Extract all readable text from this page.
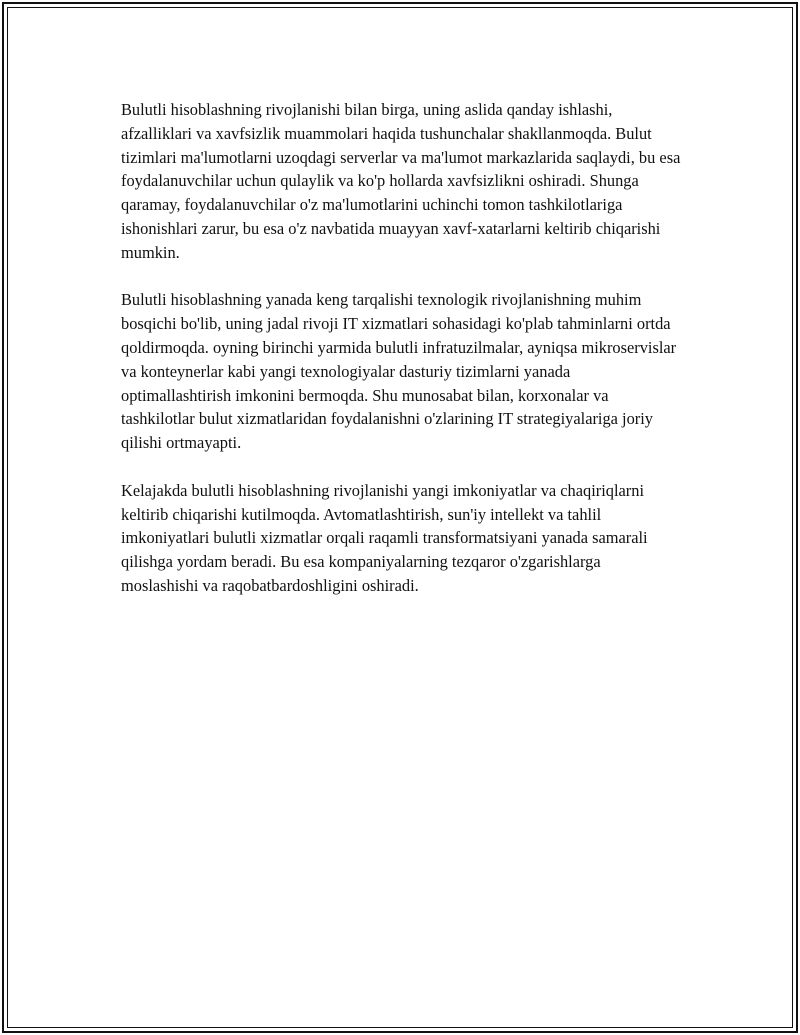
Bulutli hisoblashning rivojlanishi bilan birga, uning aslida qanday ishlashi, afzalliklari va xavfsizlik muammolari haqida tushunchalar shakllanmoqda. Bulut tizimlari ma'lumotlarni uzoqdagi serverlar va ma'lumot markazlarida saqlaydi, bu esa foydalanuvchilar uchun qulaylik va ko'p hollarda xavfsizlikni oshiradi. Shunga qaramay, foydalanuvchilar o'z ma'lumotlarini uchinchi tomon tashkilotlariga ishonishlari zarur, bu esa o'z navbatida muayyan xavf-xatarlarni keltirib chiqarishi mumkin.

Bulutli hisoblashning yanada keng tarqalishi texnologik rivojlanishning muhim bosqichi bo'lib, uning jadal rivoji IT xizmatlari sohasidagi ko'plab tahminlarni ortda qoldirmoqda. oyning birinchi yarmida bulutli infratuzilmalar, ayniqsa mikroservislar va konteynerlar kabi yangi texnologiyalar dasturiy tizimlarni yanada optimallashtirish imkonini bermoqda. Shu munosabat bilan, korxonalar va tashkilotlar bulut xizmatlaridan foydalanishni o'zlarining IT strategiyalariga joriy qilishi ortmayapti.

Kelajakda bulutli hisoblashning rivojlanishi yangi imkoniyatlar va chaqiriqlarni keltirib chiqarishi kutilmoqda. Avtomatlashtirish, sun'iy intellekt va tahlil imkoniyatlari bulutli xizmatlar orqali raqamli transformatsiyani yanada samarali qilishga yordam beradi. Bu esa kompaniyalarning tezqaror o'zgarishlarga moslashishi va raqobatbardoshligini oshiradi.
